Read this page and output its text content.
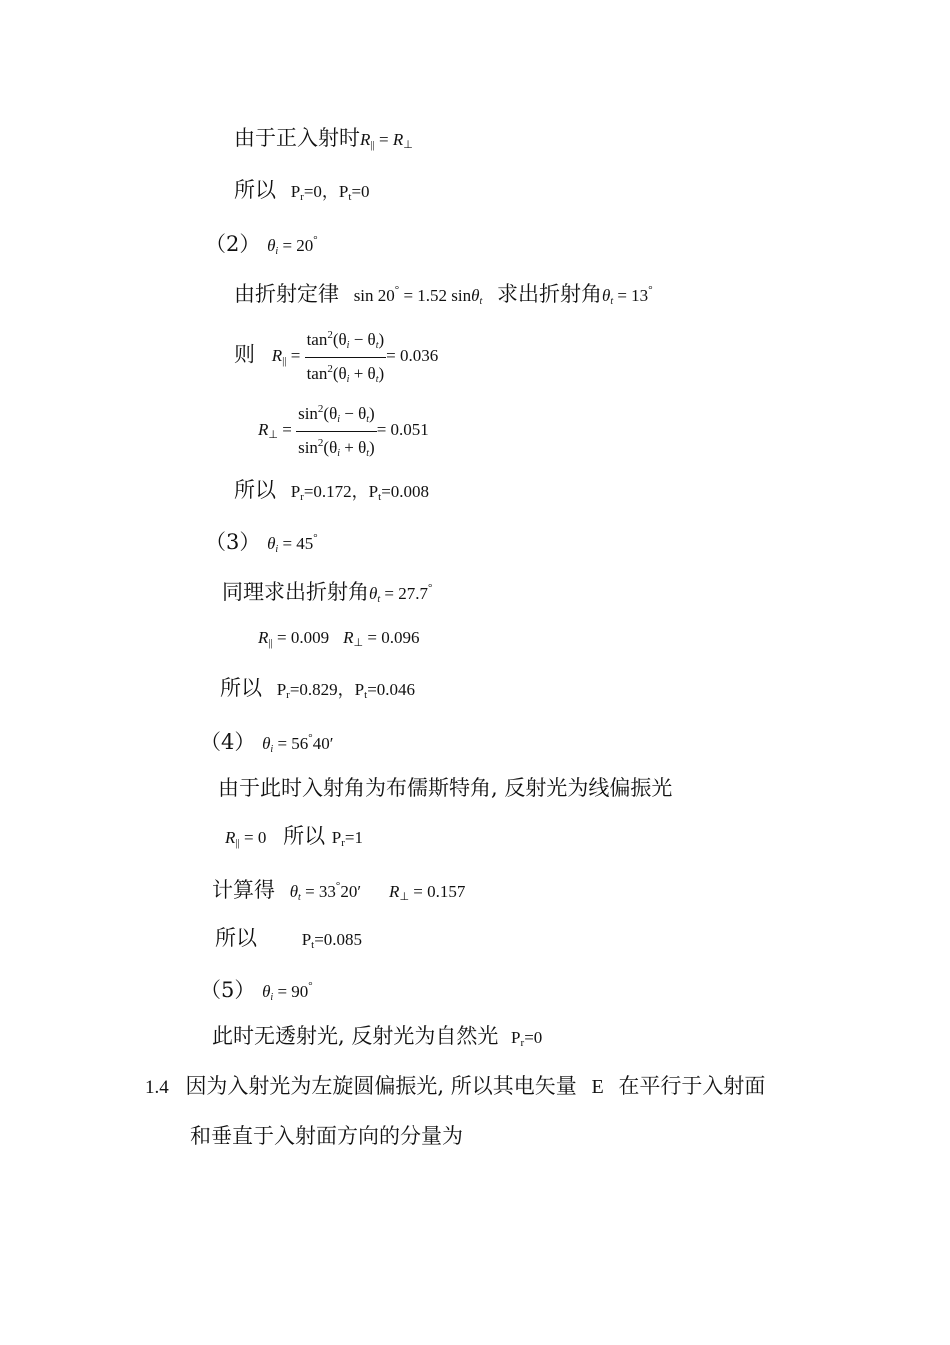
由于正入射时R|| = R⊥
所以 Pr=0，Pt=0
（2） $\theta_i = 20^\circ$
由折射定律 sin 20° = 1.52 sinθ$_t$ 求出折射角$\theta_t = 13^\circ$
则 $R|| = \frac{\tan^2(\theta_i - \theta_t)}{\tan^2(\theta_i + \theta_t)} = 0.036$
R⊥ = $\frac{\sin^2(\theta_i - \theta_t)}{\sin^2(\theta_i + \theta_t)} = 0.051$
所以 Pr=0.172，Pt=0.008
（3） $\theta_i = 45^\circ$
同理求出折射角$\theta_t = 27.7^\circ$
R|| = 0.009 R⊥ = 0.096
所以 Pr=0.829，Pt=0.046
（4） $\theta_i = 56^\circ 40'$
由于此时入射角为布儒斯特角, 反射光为线偏振光
R|| = 0 所以 Pr=1
计算得 $\theta_t = 33^\circ 20'$ R⊥ = 0.157
所以	Pt=0.085
（5） $\theta_i = 90^\circ$
此时无透射光, 反射光为自然光 Pr=0
1.4 因为入射光为左旋圆偏振光, 所以其电矢量 E 在平行于入射面
和垂直于入射面方向的分量为
